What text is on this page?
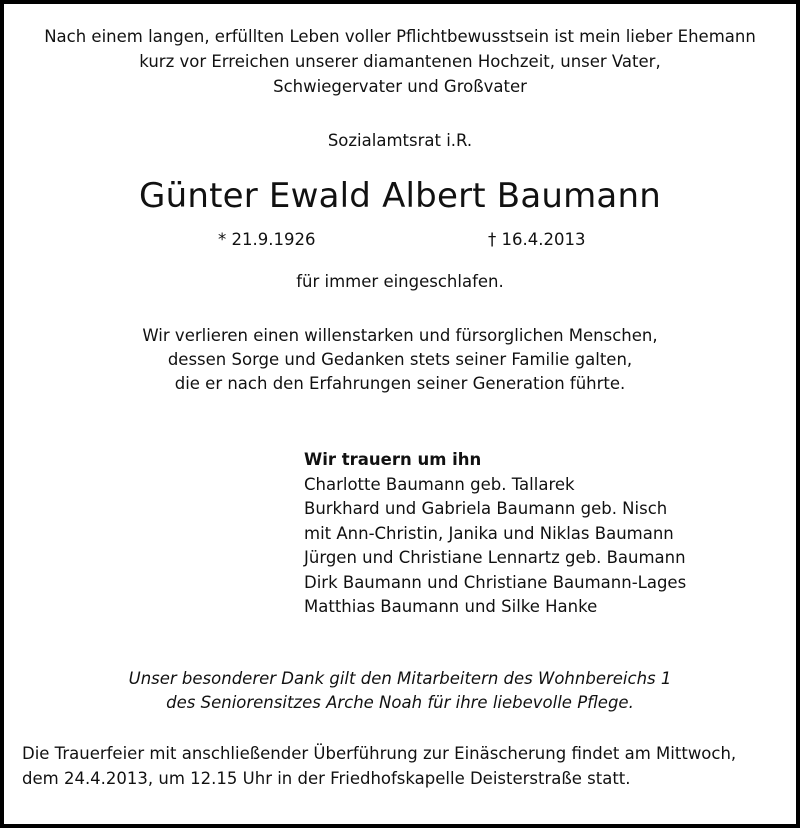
Nach einem langen, erfüllten Leben voller Pflichtbewusstsein ist mein lieber Ehemann
kurz vor Erreichen unserer diamantenen Hochzeit, unser Vater,
Schwiegervater und Großvater
Sozialamtsrat i.R.
Günter Ewald Albert Baumann
* 21.9.1926	† 16.4.2013
für immer eingeschlafen.
Wir verlieren einen willenstarken und fürsorglichen Menschen,
dessen Sorge und Gedanken stets seiner Familie galten,
die er nach den Erfahrungen seiner Generation führte.
Wir trauern um ihn
Charlotte Baumann geb. Tallarek
Burkhard und Gabriela Baumann geb. Nisch
mit Ann-Christin, Janika und Niklas Baumann
Jürgen und Christiane Lennartz geb. Baumann
Dirk Baumann und Christiane Baumann-Lages
Matthias Baumann und Silke Hanke
Unser besonderer Dank gilt den Mitarbeitern des Wohnbereichs 1
des Seniorensitzes Arche Noah für ihre liebevolle Pflege.
Die Trauerfeier mit anschließender Überführung zur Einäscherung findet am Mittwoch,
dem 24.4.2013, um 12.15 Uhr in der Friedhofskapelle Deisterstraße statt.
